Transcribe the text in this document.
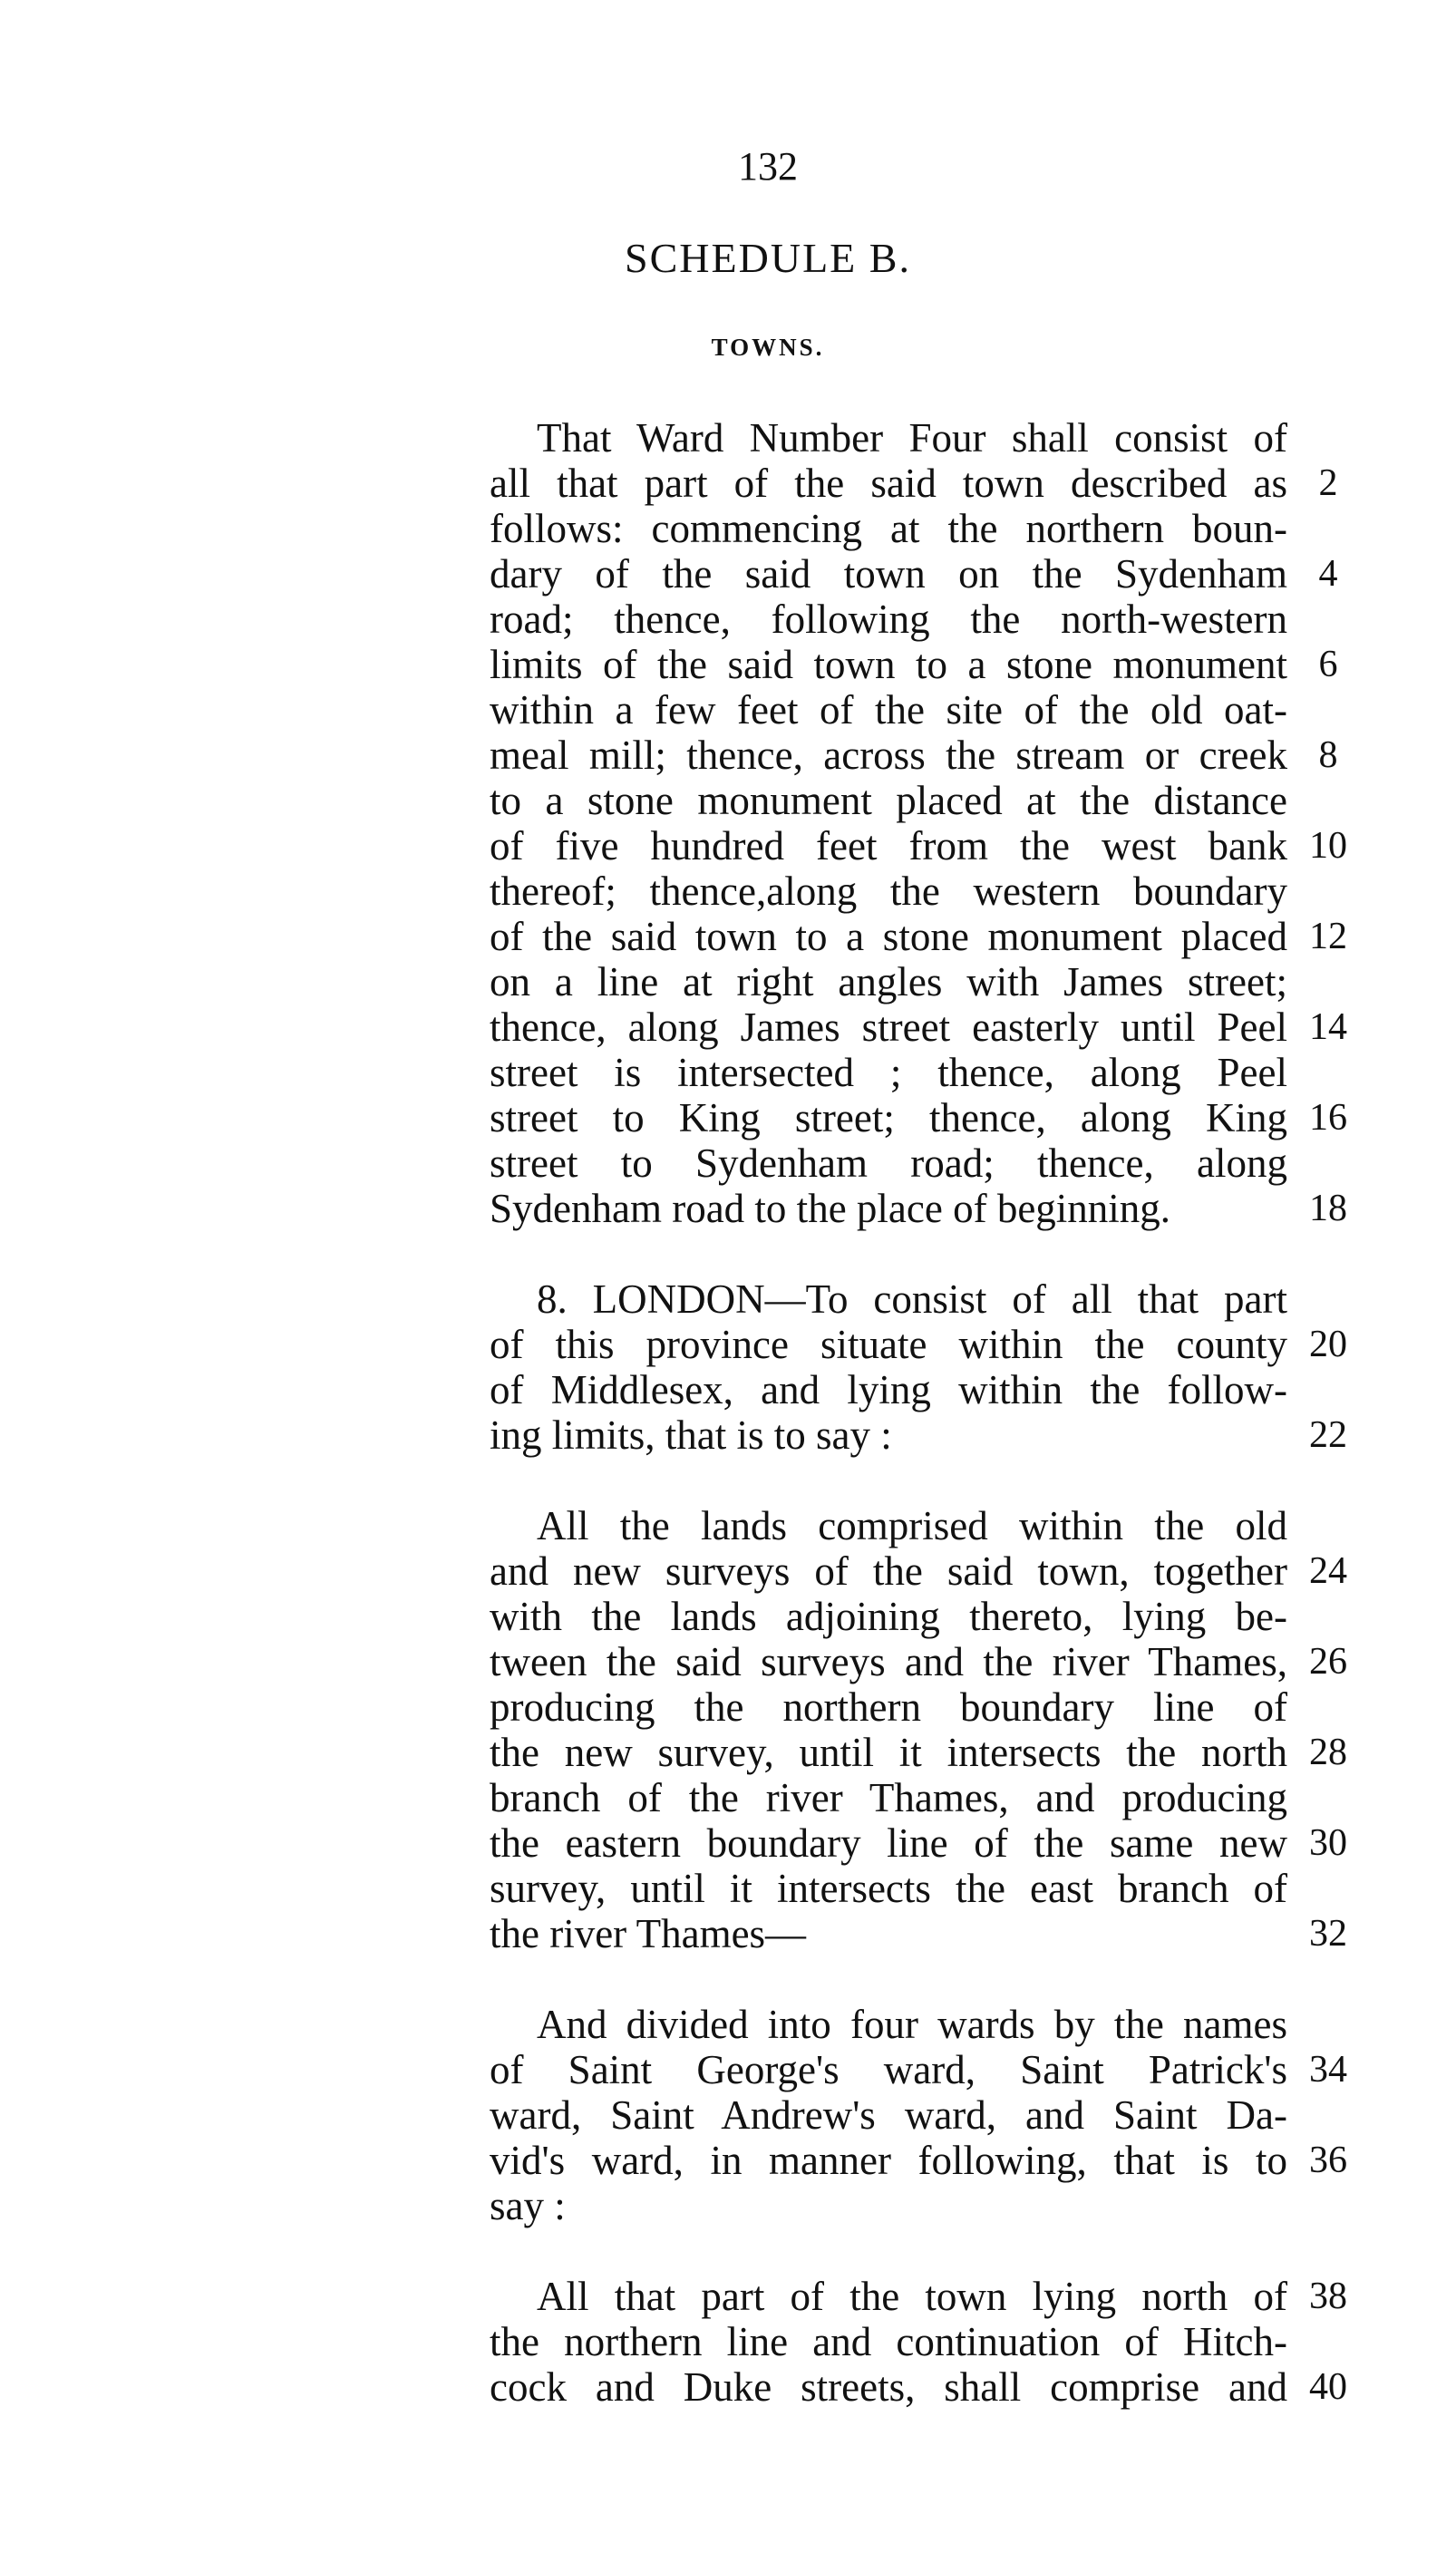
132
SCHEDULE B.
TOWNS.
That Ward Number Four shall consist of
all that part of the said town described as 2
follows: commencing at the northern boun-
dary of the said town on the Sydenham 4
road; thence, following the north-western
limits of the said town to a stone monument 6
within a few feet of the site of the old oat-
meal mill; thence, across the stream or creek 8
to a stone monument placed at the distance
of five hundred feet from the west bank 10
thereof; thence,along the western boundary
of the said town to a stone monument placed 12
on a line at right angles with James street;
thence, along James street easterly until Peel 14
street is intersected ; thence, along Peel
street to King street; thence, along King 16
street to Sydenham road; thence, along
Sydenham road to the place of beginning.	18
8. LONDON—To consist of all that part
of this province situate within the county 20
of Middlesex, and lying within the follow-
ing limits, that is to say :	22
All the lands comprised within the old
and new surveys of the said town, together 24
with the lands adjoining thereto, lying be-
tween the said surveys and the river Thames, 26
producing the northern boundary line of
the new survey, until it intersects the north 28
branch of the river Thames, and producing
the eastern boundary line of the same new 30
survey, until it intersects the east branch of
the river Thames—	32
And divided into four wards by the names
of Saint George's ward, Saint Patrick's 34
ward, Saint Andrew's ward, and Saint Da-
vid's ward, in manner following, that is to 36
say :
All that part of the town lying north of 38
the northern line and continuation of Hitch-
cock and Duke streets, shall comprise and 40
